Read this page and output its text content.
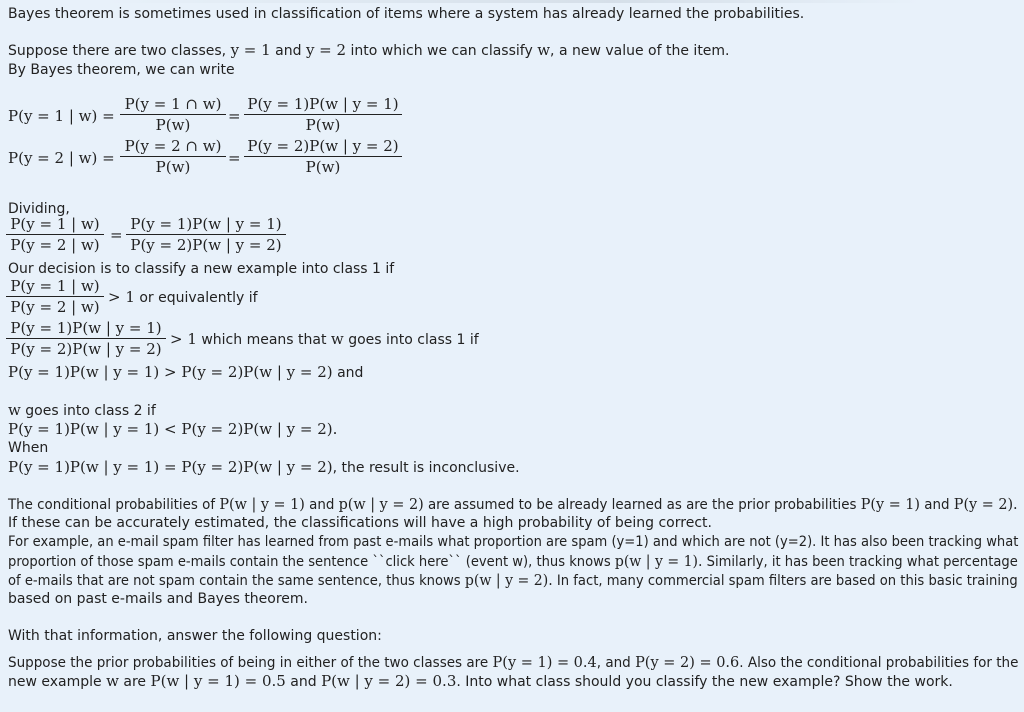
Bayes theorem is sometimes used in classification of items where a system has already learned the probabilities.
Suppose there are two classes, y = 1 and y = 2 into which we can classify w, a new value of the item.
By Bayes theorem, we can write
P(y = 1 | $w) = \frac{P(y = 1 \cap w)}{P(w)} = \frac{P(y = 1)P(w | y = 1)}{P(w)}$
P(y = 2 | $w) = \frac{P(y = 2 \cap w)}{P(w)} = \frac{P(y = 2)P(w | y = 2)}{P(w)}$
Dividing,
$\frac{P(y = 1 | w)}{P(y = 2 | w)} = \frac{P(y = 1)P(w | y = 1)}{P(y = 2)P(w | y = 2)}$
Our decision is to classify a new example into class 1 if
$\frac{P(y = 1 | w)}{P(y = 2 | w)} > 1$ or equivalently if
$\frac{P(y = 1)P(w | y = 1)}{P(y = 2)P(w | y = 2)} > 1$ which means that w goes into class 1 if
P(y = 1)P(w | y = 1) > P(y = 2)P(w | y = 2) and
w goes into class 2 if
P(y = 1)P(w | y = 1) < P(y = 2)P(w | y = 2).
When
P(y = 1)P(w | y = 1) = P(y = 2)P(w | y = 2), the result is inconclusive.
The conditional probabilities of P(w | y = 1) and p(w | y = 2) are assumed to be already learned as are the prior probabilities P(y = 1) and P(y = 2).
If these can be accurately estimated, the classifications will have a high probability of being correct.
For example, an e-mail spam filter has learned from past e-mails what proportion are spam (y=1) and which are not (y=2). It has also been tracking what
proportion of those spam e-mails contain the sentence ``click here`` (event w), thus knows p(w | y = 1). Similarly, it has been tracking what percentage
of e-mails that are not spam contain the same sentence, thus knows p(w | y = 2). In fact, many commercial spam filters are based on this basic training
based on past e-mails and Bayes theorem.
With that information, answer the following question:
Suppose the prior probabilities of being in either of the two classes are P(y = 1) = 0.4, and P(y = 2) = 0.6. Also the conditional probabilities for the
new example w are P(w | y = 1) = 0.5 and P(w | y = 2) = 0.3. Into what class should you classify the new example? Show the work.
